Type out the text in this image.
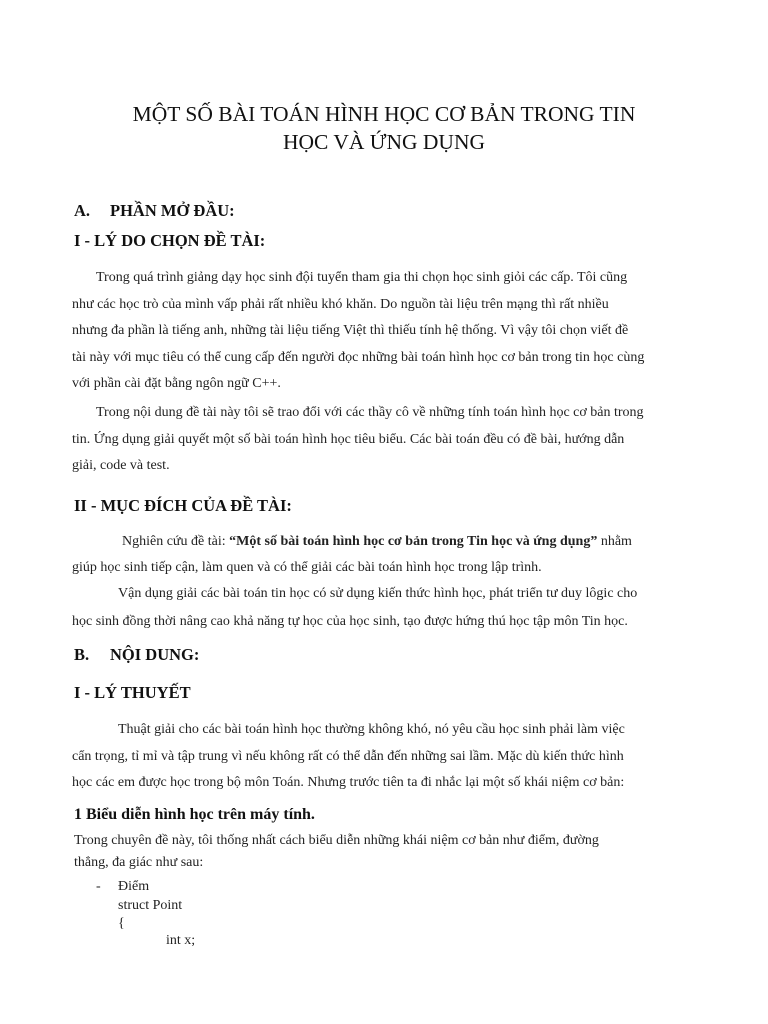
MỘT SỐ BÀI TOÁN HÌNH HỌC CƠ BẢN TRONG TIN
HỌC VÀ ỨNG DỤNG

A. PHẦN MỞ ĐẦU:

I - LÝ DO CHỌN ĐỀ TÀI:

Trong quá trình giảng dạy học sinh đội tuyển tham gia thi chọn học sinh giỏi các cấp. Tôi cũng
như các học trò của mình vấp phải rất nhiều khó khăn. Do nguồn tài liệu trên mạng thì rất nhiều
nhưng đa phần là tiếng anh, những tài liệu tiếng Việt thì thiếu tính hệ thống. Vì vậy tôi chọn viết đề
tài này với mục tiêu có thể cung cấp đến người đọc những bài toán hình học cơ bản trong tin học cùng
với phần cài đặt bằng ngôn ngữ C++.
Trong nội dung đề tài này tôi sẽ trao đổi với các thầy cô về những tính toán hình học cơ bản trong
tin. Ứng dụng giải quyết một số bài toán hình học tiêu biểu. Các bài toán đều có đề bài, hướng dẫn
giải, code và test.

II - MỤC ĐÍCH CỦA ĐỀ TÀI:

Nghiên cứu đề tài: “Một số bài toán hình học cơ bản trong Tin học và ứng dụng” nhằm
giúp học sinh tiếp cận, làm quen và có thể giải các bài toán hình học trong lập trình.
Vận dụng giải các bài toán tin học có sử dụng kiến thức hình học, phát triển tư duy lôgic cho
học sinh đồng thời nâng cao khả năng tự học của học sinh, tạo được hứng thú học tập môn Tin học.

B. NỘI DUNG:

I - LÝ THUYẾT

Thuật giải cho các bài toán hình học thường không khó, nó yêu cầu học sinh phải làm việc
cẩn trọng, tỉ mỉ và tập trung vì nếu không rất có thể dẫn đến những sai lầm. Mặc dù kiến thức hình
học các em được học trong bộ môn Toán. Nhưng trước tiên ta đi nhắc lại một số khái niệm cơ bản:

1 Biểu diễn hình học trên máy tính.

Trong chuyên đề này, tôi thống nhất cách biểu diễn những khái niệm cơ bản như điểm, đường
thẳng, đa giác như sau:
- Điểm
struct Point
{
int x;
